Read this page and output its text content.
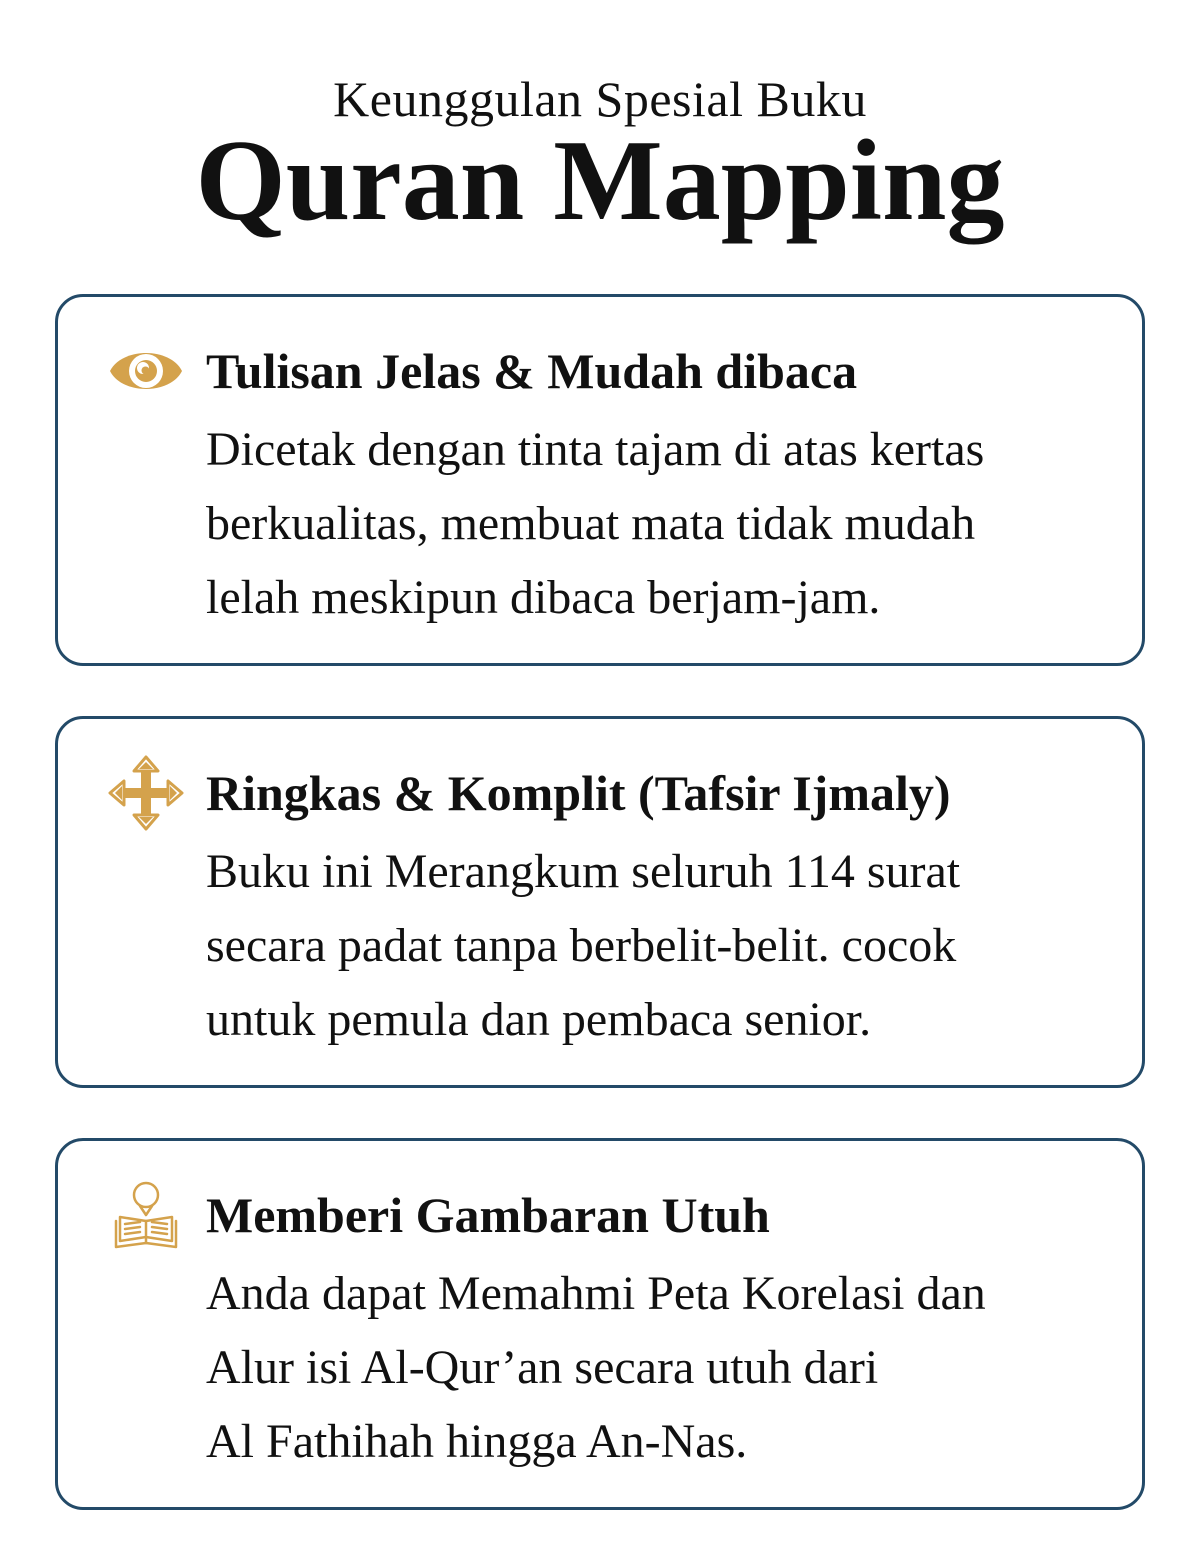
Keunggulan Spesial Buku
Quran Mapping
Tulisan Jelas & Mudah dibaca
Dicetak dengan tinta tajam di atas kertas
berkualitas, membuat mata tidak mudah
lelah meskipun dibaca berjam-jam.
Ringkas & Komplit (Tafsir Ijmaly)
Buku ini Merangkum seluruh 114 surat
secara padat tanpa berbelit-belit. cocok
untuk pemula dan pembaca senior.
Memberi Gambaran Utuh
Anda dapat Memahmi Peta Korelasi dan
Alur isi Al-Qur’an secara utuh dari
Al Fathihah hingga An-Nas.
